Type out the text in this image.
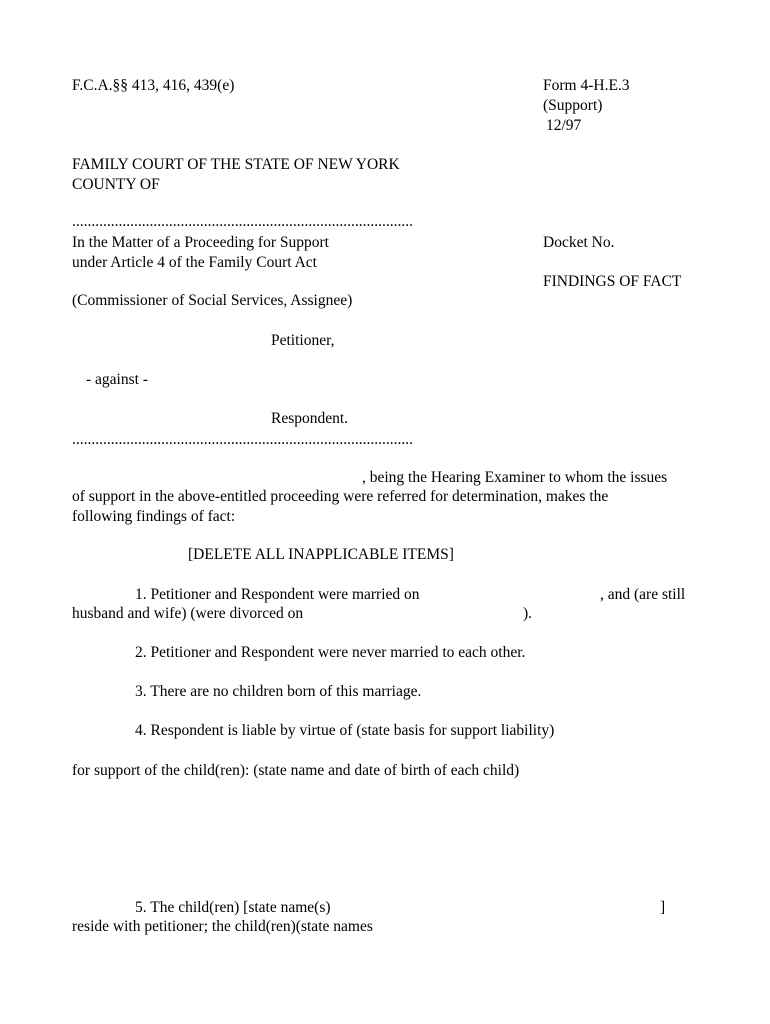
F.C.A.§§ 413, 416, 439(e)	Form 4-H.E.3
(Support)
12/97
FAMILY COURT OF THE STATE OF NEW YORK
COUNTY OF
........................................................................................
In the Matter of a Proceeding for Support
under Article 4 of the Family Court Act
Docket No.
FINDINGS OF FACT
(Commissioner of Social Services, Assignee)
Petitioner,
- against -
Respondent.
........................................................................................
, being the Hearing Examiner to whom the issues
of support in the above-entitled proceeding were referred for determination, makes the
following findings of fact:
[DELETE ALL INAPPLICABLE ITEMS]
1. Petitioner and Respondent were married on	, and (are still
husband and wife) (were divorced on	).
2. Petitioner and Respondent were never married to each other.
3. There are no children born of this marriage.
4. Respondent is liable by virtue of (state basis for support liability)
for support of the child(ren): (state name and date of birth of each child)
5. The child(ren) [state name(s)	]
reside with petitioner; the child(ren)(state names
